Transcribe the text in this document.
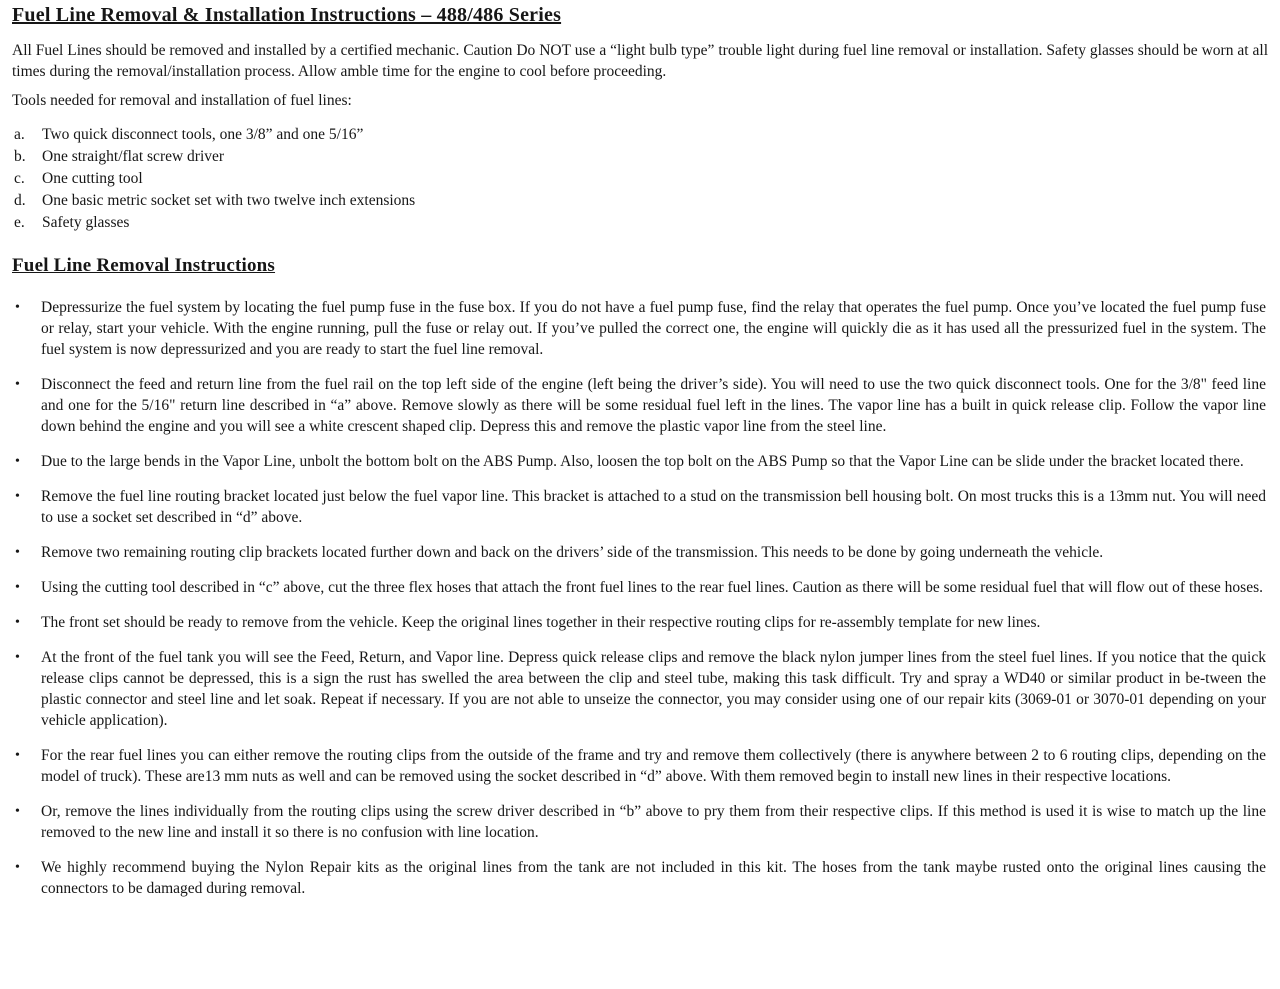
Fuel Line Removal & Installation Instructions – 488/486 Series

All Fuel Lines should be removed and installed by a certified mechanic. Caution Do NOT use a “light bulb type” trouble light during fuel line removal or installation. Safety glasses should be worn at all times during the removal/installation process. Allow amble time for the engine to cool before proceeding.

Tools needed for removal and installation of fuel lines:

a.	Two quick disconnect tools, one 3/8” and one 5/16”
b.	One straight/flat screw driver
c.	One cutting tool
d.	One basic metric socket set with two twelve inch extensions
e.	Safety glasses
Fuel Line Removal Instructions
•	Depressurize the fuel system by locating the fuel pump fuse in the fuse box. If you do not have a fuel pump fuse, find the relay that operates the fuel pump. Once you’ve located the fuel pump fuse or relay, start your vehicle. With the engine running, pull the fuse or relay out. If you’ve pulled the correct one, the engine will quickly die as it has used all the pressurized fuel in the system. The fuel system is now depressurized and you are ready to start the fuel line removal.
•	Disconnect the feed and return line from the fuel rail on the top left side of the engine (left being the driver’s side). You will need to use the two quick disconnect tools. One for the 3/8" feed line and one for the 5/16" return line described in “a” above. Remove slowly as there will be some residual fuel left in the lines. The vapor line has a built in quick release clip. Follow the vapor line down behind the engine and you will see a white crescent shaped clip. Depress this and remove the plastic vapor line from the steel line.
•	Due to the large bends in the Vapor Line, unbolt the bottom bolt on the ABS Pump. Also, loosen the top bolt on the ABS Pump so that the Vapor Line can be slide under the bracket located there.
•	Remove the fuel line routing bracket located just below the fuel vapor line. This bracket is attached to a stud on the transmission bell housing bolt. On most trucks this is a 13mm nut. You will need to use a socket set described in “d” above.
•	Remove two remaining routing clip brackets located further down and back on the drivers’ side of the transmission. This needs to be done by going underneath the vehicle.
•	Using the cutting tool described in “c” above, cut the three flex hoses that attach the front fuel lines to the rear fuel lines. Caution as there will be some residual fuel that will flow out of these hoses.
•	The front set should be ready to remove from the vehicle. Keep the original lines together in their respective routing clips for re-assembly template for new lines.
•	At the front of the fuel tank you will see the Feed, Return, and Vapor line. Depress quick release clips and remove the black nylon jumper lines from the steel fuel lines. If you notice that the quick release clips cannot be depressed, this is a sign the rust has swelled the area between the clip and steel tube, making this task difficult. Try and spray a WD40 or similar product in be-tween the plastic connector and steel line and let soak. Repeat if necessary. If you are not able to unseize the connector, you may consider using one of our repair kits (3069-01 or 3070-01 depending on your vehicle application).
•	For the rear fuel lines you can either remove the routing clips from the outside of the frame and try and remove them collectively (there is anywhere between 2 to 6 routing clips, depending on the model of truck). These are13 mm nuts as well and can be removed using the socket described in “d” above. With them removed begin to install new lines in their respective locations.
•	Or, remove the lines individually from the routing clips using the screw driver described in “b” above to pry them from their respective clips. If this method is used it is wise to match up the line removed to the new line and install it so there is no confusion with line location.
•	We highly recommend buying the Nylon Repair kits as the original lines from the tank are not included in this kit. The hoses from the tank maybe rusted onto the original lines causing the connectors to be damaged during removal.
